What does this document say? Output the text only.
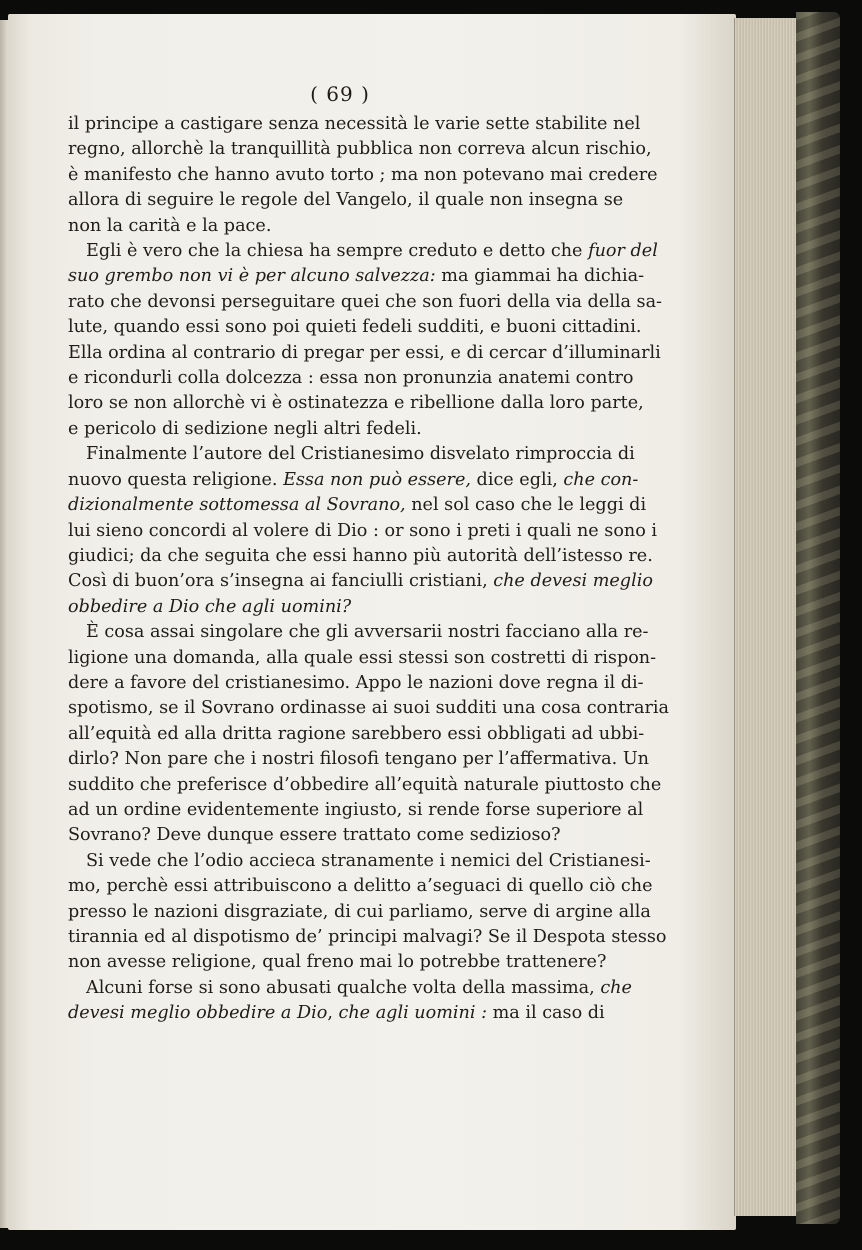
( 69 )
il principe a castigare senza necessità le varie sette stabilite nel
regno, allorchè la tranquillità pubblica non correva alcun rischio,
è manifesto che hanno avuto torto ; ma non potevano mai credere
allora di seguire le regole del Vangelo, il quale non insegna se
non la carità e la pace.
Egli è vero che la chiesa ha sempre creduto e detto che fuor del
suo grembo non vi è per alcuno salvezza: ma giammai ha dichia-
rato che devonsi perseguitare quei che son fuori della via della sa-
lute, quando essi sono poi quieti fedeli sudditi, e buoni cittadini.
Ella ordina al contrario di pregar per essi, e di cercar d’illuminarli
e ricondurli colla dolcezza : essa non pronunzia anatemi contro
loro se non allorchè vi è ostinatezza e ribellione dalla loro parte,
e pericolo di sedizione negli altri fedeli.
Finalmente l’autore del Cristianesimo disvelato rimproccia di
nuovo questa religione. Essa non può essere, dice egli, che con-
dizionalmente sottomessa al Sovrano, nel sol caso che le leggi di
lui sieno concordi al volere di Dio : or sono i preti i quali ne sono i
giudici; da che seguita che essi hanno più autorità dell’istesso re.
Così di buon’ora s’insegna ai fanciulli cristiani, che devesi meglio
obbedire a Dio che agli uomini?
È cosa assai singolare che gli avversarii nostri facciano alla re-
ligione una domanda, alla quale essi stessi son costretti di rispon-
dere a favore del cristianesimo. Appo le nazioni dove regna il di-
spotismo, se il Sovrano ordinasse ai suoi sudditi una cosa contraria
all’equità ed alla dritta ragione sarebbero essi obbligati ad ubbi-
dirlo? Non pare che i nostri filosofi tengano per l’affermativa. Un
suddito che preferisce d’obbedire all’equità naturale piuttosto che
ad un ordine evidentemente ingiusto, si rende forse superiore al
Sovrano? Deve dunque essere trattato come sedizioso?
Si vede che l’odio accieca stranamente i nemici del Cristianesi-
mo, perchè essi attribuiscono a delitto a’seguaci di quello ciò che
presso le nazioni disgraziate, di cui parliamo, serve di argine alla
tirannia ed al dispotismo de’ principi malvagi? Se il Despota stesso
non avesse religione, qual freno mai lo potrebbe trattenere?
Alcuni forse si sono abusati qualche volta della massima, che
devesi meglio obbedire a Dio, che agli uomini : ma il caso di
